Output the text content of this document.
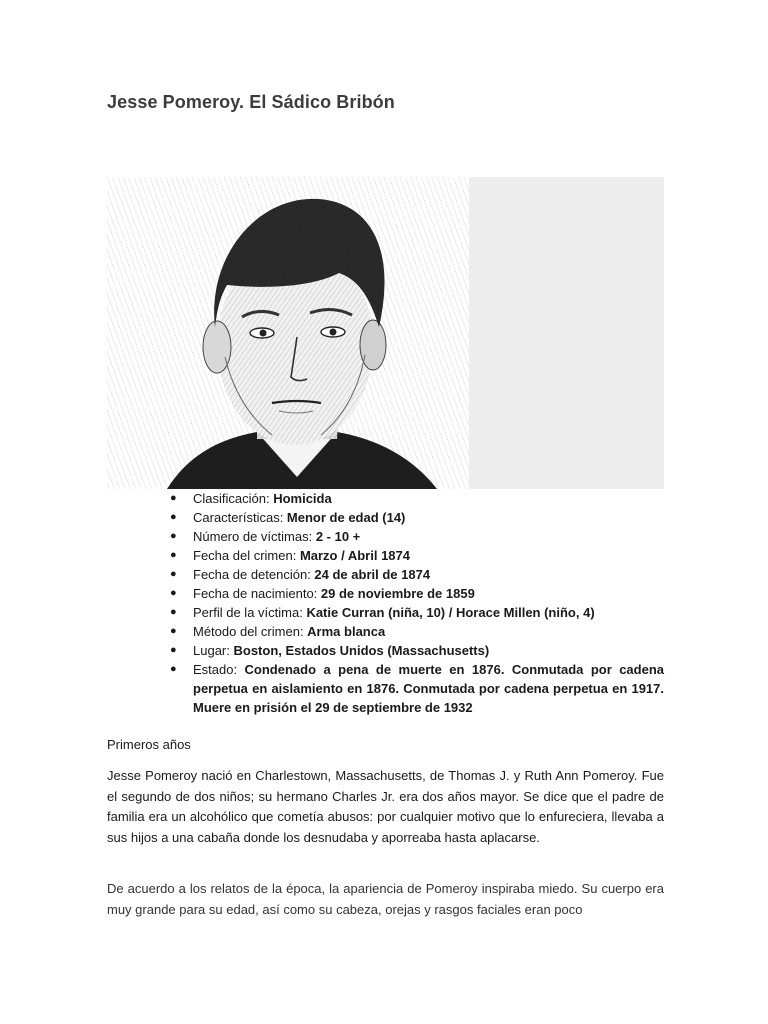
Jesse Pomeroy. El Sádico Bribón
● Clasificación: Homicida
● Características: Menor de edad (14)
● Número de víctimas: 2 - 10 +
● Fecha del crimen: Marzo / Abril 1874
● Fecha de detención: 24 de abril de 1874
● Fecha de nacimiento: 29 de noviembre de 1859
● Perfil de la víctima: Katie Curran (niña, 10) / Horace Millen (niño, 4)
● Método del crimen: Arma blanca
● Lugar: Boston, Estados Unidos (Massachusetts)
● Estado: Condenado a pena de muerte en 1876. Conmutada por cadena perpetua en aislamiento en 1876. Conmutada por cadena perpetua en 1917. Muere en prisión el 29 de septiembre de 1932
Primeros años

Jesse Pomeroy nació en Charlestown, Massachusetts, de Thomas J. y Ruth Ann Pomeroy. Fue el segundo de dos niños; su hermano Charles Jr. era dos años mayor. Se dice que el padre de familia era un alcohólico que cometía abusos: por cualquier motivo que lo enfureciera, llevaba a sus hijos a una cabaña donde los desnudaba y aporreaba hasta aplacarse.

De acuerdo a los relatos de la época, la apariencia de Pomeroy inspiraba miedo. Su cuerpo era muy grande para su edad, así como su cabeza, orejas y rasgos faciales eran poco
